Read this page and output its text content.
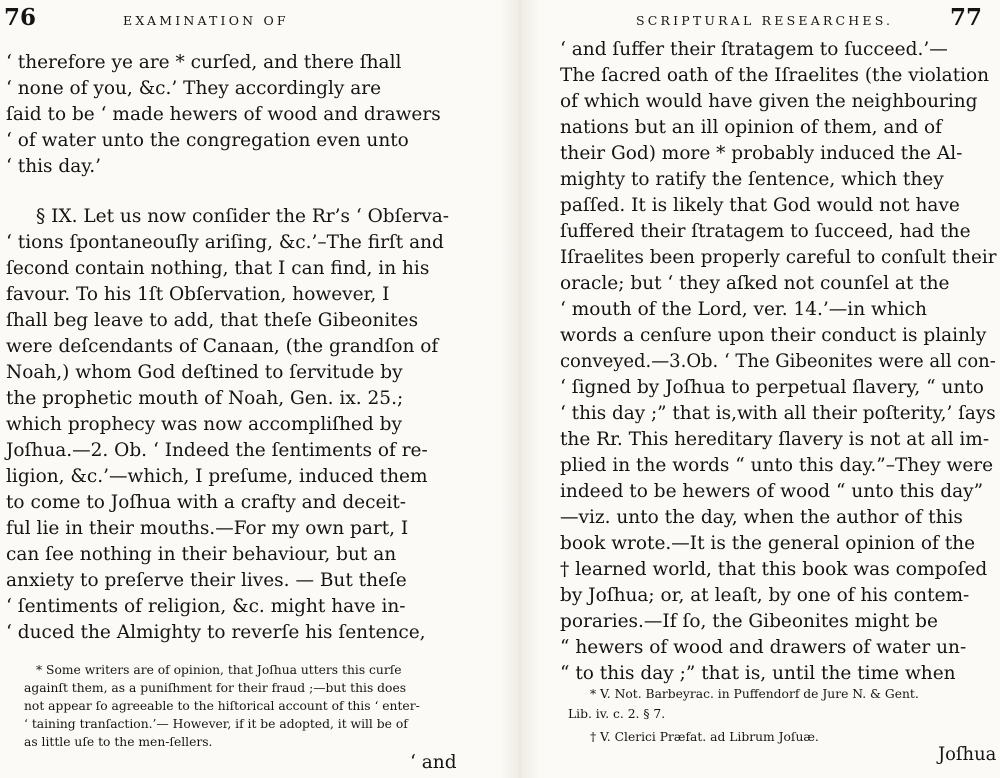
76	EXAMINATION OF
‘ therefore ye are * curſed, and there ſhall
‘ none of you, &c.’ They accordingly are
ſaid to be ‘ made hewers of wood and drawers
‘ of water unto the congregation even unto
‘ this day.’
§ IX. Let us now conſider the Rr’s ‘ Obſerva-
‘ tions ſpontaneouſly ariſing, &c.’–The firſt and
ſecond contain nothing, that I can find, in his
favour. To his 1ſt Obſervation, however, I
ſhall beg leave to add, that theſe Gibeonites
were deſcendants of Canaan, (the grandſon of
Noah,) whom God deſtined to ſervitude by
the prophetic mouth of Noah, Gen. ix. 25.;
which prophecy was now accompliſhed by
Joſhua.—2. Ob. ‘ Indeed the ſentiments of re-
ligion, &c.’—which, I preſume, induced them
to come to Joſhua with a crafty and deceit-
ful lie in their mouths.—For my own part, I
can ſee nothing in their behaviour, but an
anxiety to preſerve their lives. — But theſe
‘ ſentiments of religion, &c. might have in-
‘ duced the Almighty to reverſe his ſentence,
* Some writers are of opinion, that Joſhua utters this curſe
againſt them, as a puniſhment for their fraud ;—but this does
not appear ſo agreeable to the hiſtorical account of this ‘ enter-
‘ taining tranſaction.’— However, if it be adopted, it will be of
as little uſe to the men-ſellers.
‘ and
SCRIPTURAL RESEARCHES. 77
‘ and ſuffer their ſtratagem to ſucceed.’—
The ſacred oath of the Iſraelites (the violation
of which would have given the neighbouring
nations but an ill opinion of them, and of
their God) more * probably induced the Al-
mighty to ratify the ſentence, which they
paſſed. It is likely that God would not have
ſuffered their ſtratagem to ſucceed, had the
Iſraelites been properly careful to conſult their
oracle; but ‘ they aſked not counſel at the
‘ mouth of the Lord, ver. 14.’—in which
words a cenſure upon their conduct is plainly
conveyed.—3.Ob. ‘ The Gibeonites were all con-
‘ ſigned by Joſhua to perpetual ſlavery, “ unto
‘ this day ;” that is,with all their poſterity,’ ſays
the Rr. This hereditary ſlavery is not at all im-
plied in the words “ unto this day.”–They were
indeed to be hewers of wood “ unto this day”
—viz. unto the day, when the author of this
book wrote.—It is the general opinion of the
† learned world, that this book was compoſed
by Joſhua; or, at leaſt, by one of his contem-
poraries.—If ſo, the Gibeonites might be
“ hewers of wood and drawers of water un-
“ to this day ;” that is, until the time when
* V. Not. Barbeyrac. in Puffendorf de Jure N. & Gent.
Lib. iv. c. 2. § 7.
† V. Clerici Præfat. ad Librum Joſuæ.
Joſhua
